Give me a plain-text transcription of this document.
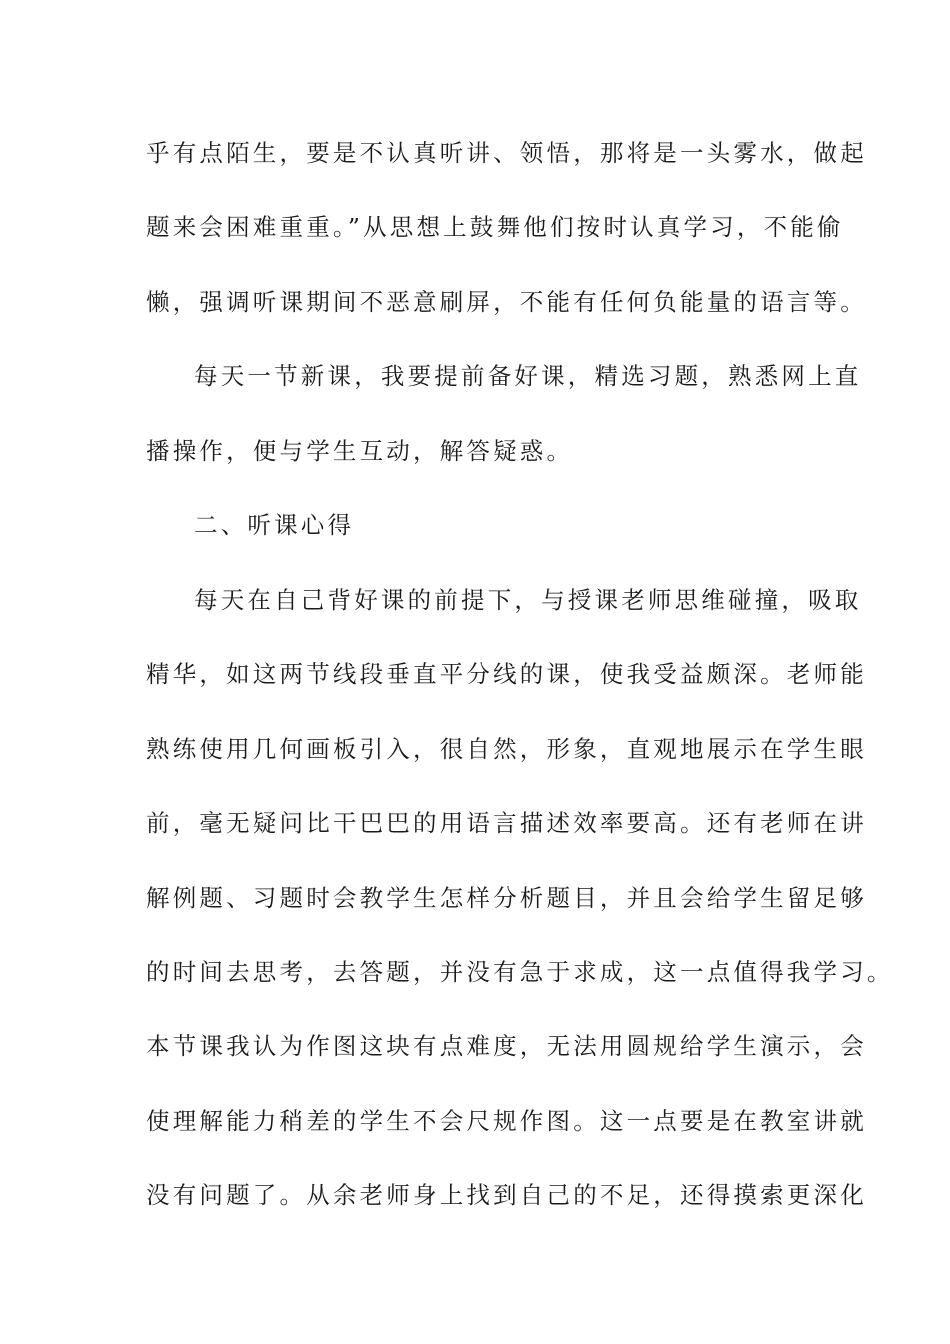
乎有点陌生，要是不认真听讲、领悟，那将是一头雾水，做起
题来会困难重重。”从思想上鼓舞他们按时认真学习，不能偷
懒，强调听课期间不恶意刷屏，不能有任何负能量的语言等。
每天一节新课，我要提前备好课，精选习题，熟悉网上直
播操作，便与学生互动，解答疑惑。
二、听课心得
每天在自己背好课的前提下，与授课老师思维碰撞，吸取
精华，如这两节线段垂直平分线的课，使我受益颇深。老师能
熟练使用几何画板引入，很自然，形象，直观地展示在学生眼
前，毫无疑问比干巴巴的用语言描述效率要高。还有老师在讲
解例题、习题时会教学生怎样分析题目，并且会给学生留足够
的时间去思考，去答题，并没有急于求成，这一点值得我学习。
本节课我认为作图这块有点难度，无法用圆规给学生演示，会
使理解能力稍差的学生不会尺规作图。这一点要是在教室讲就
没有问题了。从余老师身上找到自己的不足，还得摸索更深化
